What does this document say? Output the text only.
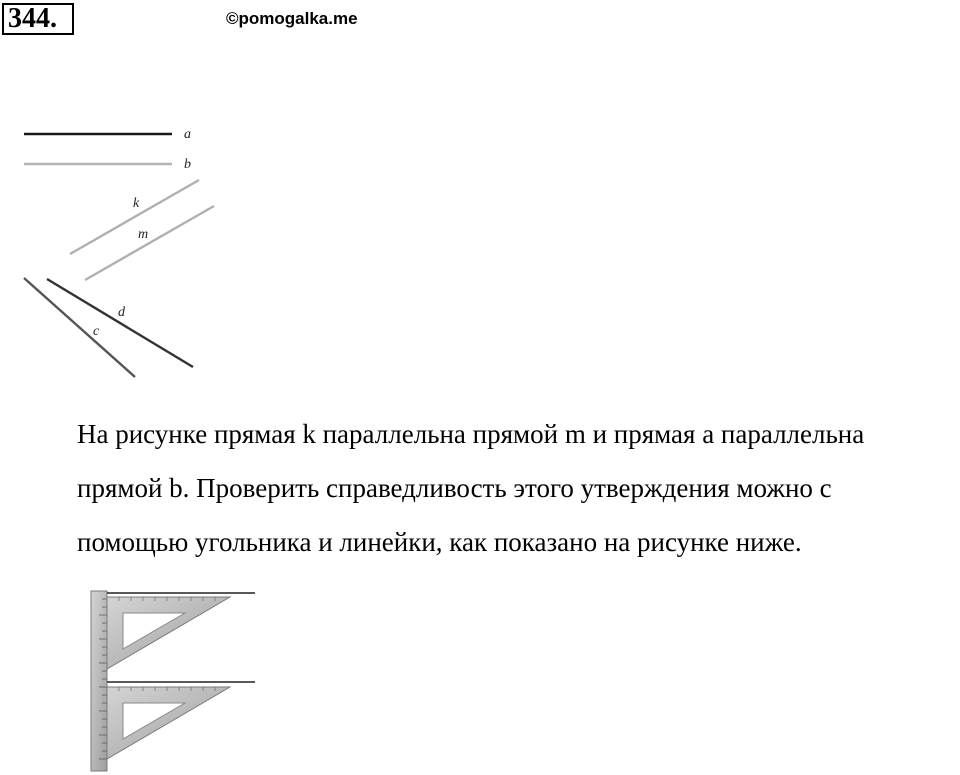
344.	©pomogalka.me
a
b
k
m
d
c

На рисунке прямая k параллельна прямой m и прямая а параллельна

прямой b. Проверить справедливость этого утверждения можно с

помощью угольника и линейки, как показано на рисунке ниже.
